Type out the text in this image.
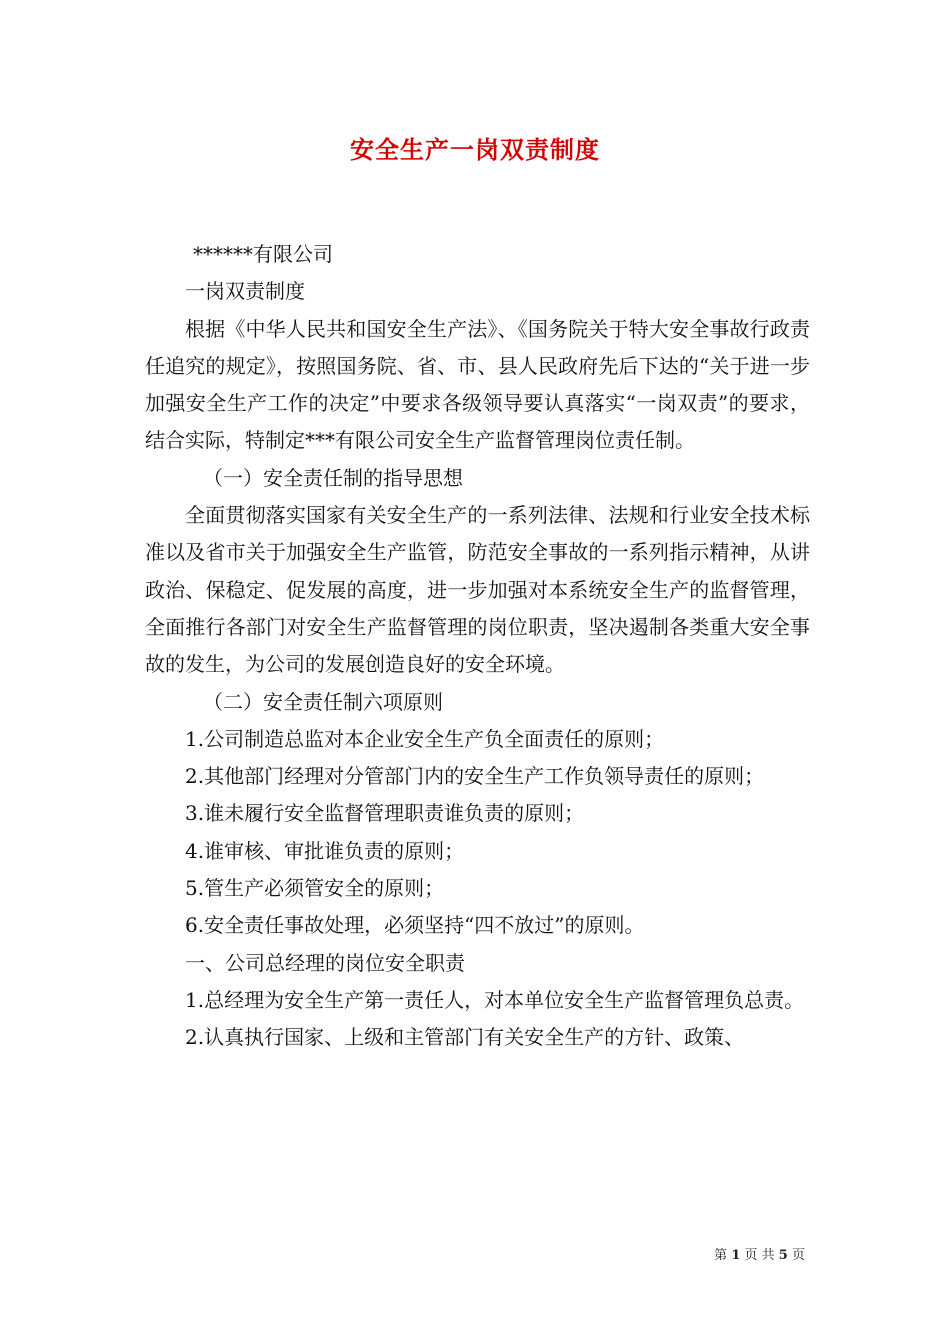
安全生产一岗双责制度

******有限公司

一岗双责制度

根据《中华人民共和国安全生产法》、《国务院关于特大安全事故行政责任追究的规定》，按照国务院、省、市、县人民政府先后下达的“关于进一步加强安全生产工作的决定”中要求各级领导要认真落实“一岗双责”的要求，结合实际，特制定***有限公司安全生产监督管理岗位责任制。

（一）安全责任制的指导思想

全面贯彻落实国家有关安全生产的一系列法律、法规和行业安全技术标准以及省市关于加强安全生产监管，防范安全事故的一系列指示精神，从讲政治、保稳定、促发展的高度，进一步加强对本系统安全生产的监督管理，全面推行各部门对安全生产监督管理的岗位职责，坚决遏制各类重大安全事故的发生，为公司的发展创造良好的安全环境。

（二）安全责任制六项原则

1.公司制造总监对本企业安全生产负全面责任的原则；

2.其他部门经理对分管部门内的安全生产工作负领导责任的原则；

3.谁未履行安全监督管理职责谁负责的原则；

4.谁审核、审批谁负责的原则；

5.管生产必须管安全的原则；

6.安全责任事故处理，必须坚持“四不放过”的原则。

一、公司总经理的岗位安全职责

1.总经理为安全生产第一责任人，对本单位安全生产监督管理负总责。

2.认真执行国家、上级和主管部门有关安全生产的方针、政策、

第 1 页 共 5 页
